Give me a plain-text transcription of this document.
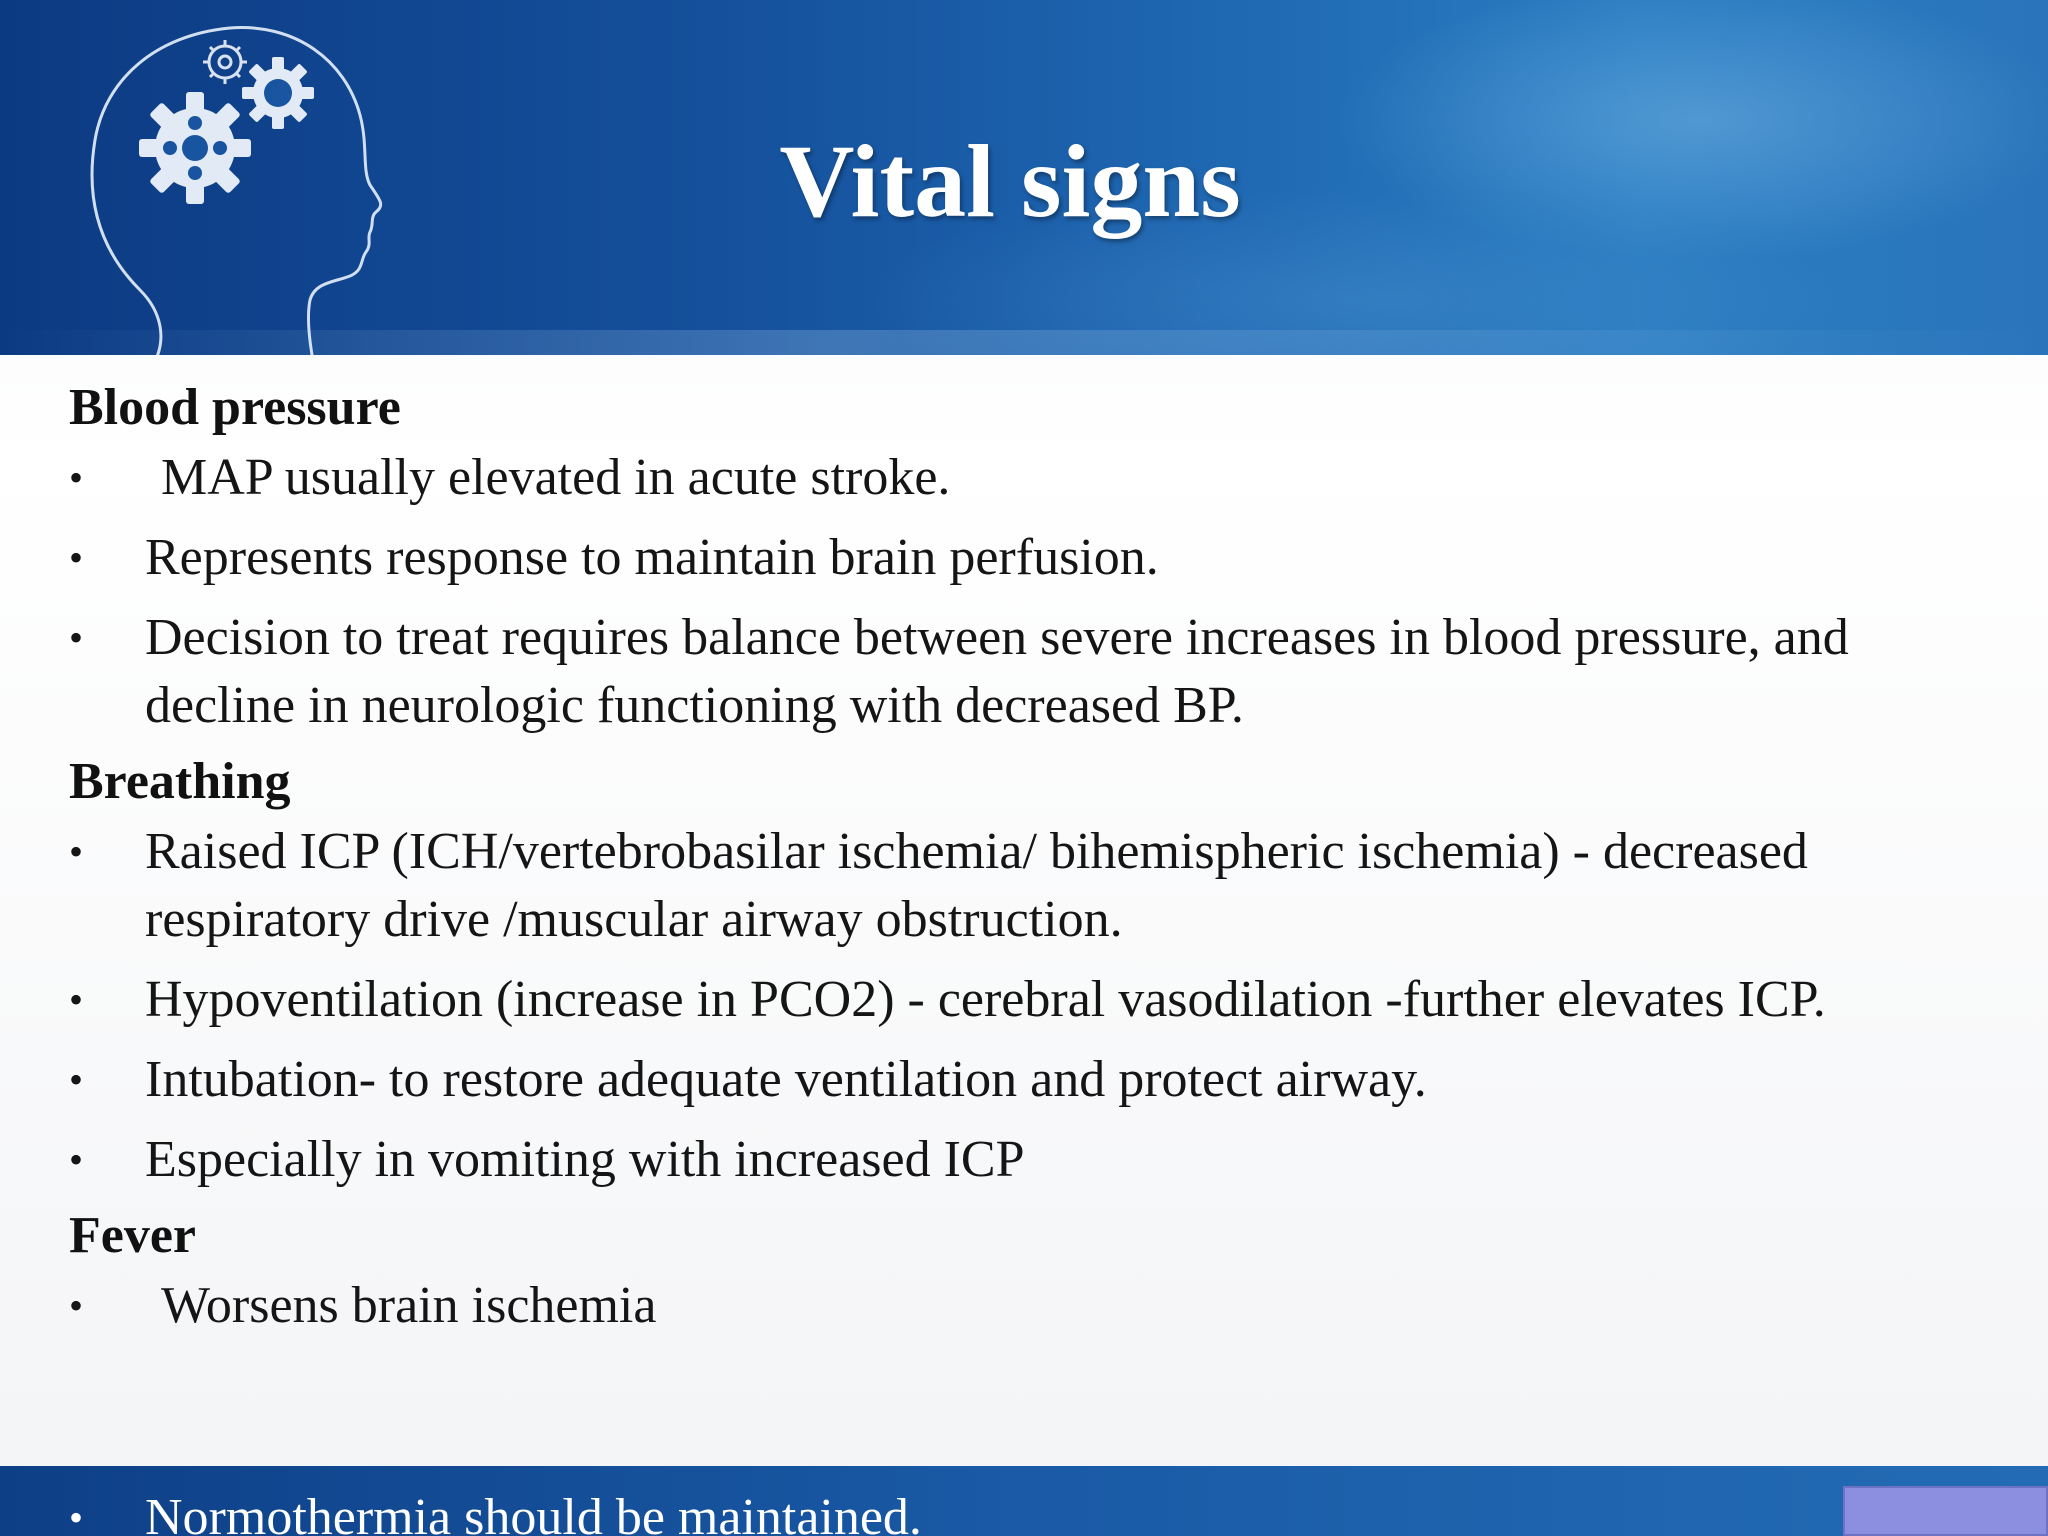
Vital signs

Blood pressure

• MAP usually elevated in acute stroke.
• Represents response to maintain brain perfusion.
• Decision to treat requires balance between severe increases in blood pressure, and decline in neurologic functioning with decreased BP.

Breathing

• Raised ICP (ICH/vertebrobasilar ischemia/ bihemispheric ischemia) - decreased respiratory drive /muscular airway obstruction.
• Hypoventilation (increase in PCO2) - cerebral vasodilation -further elevates ICP.
• Intubation- to restore adequate ventilation and protect airway.
• Especially in vomiting with increased ICP

Fever

• Worsens brain ischemia
• Normothermia should be maintained.
